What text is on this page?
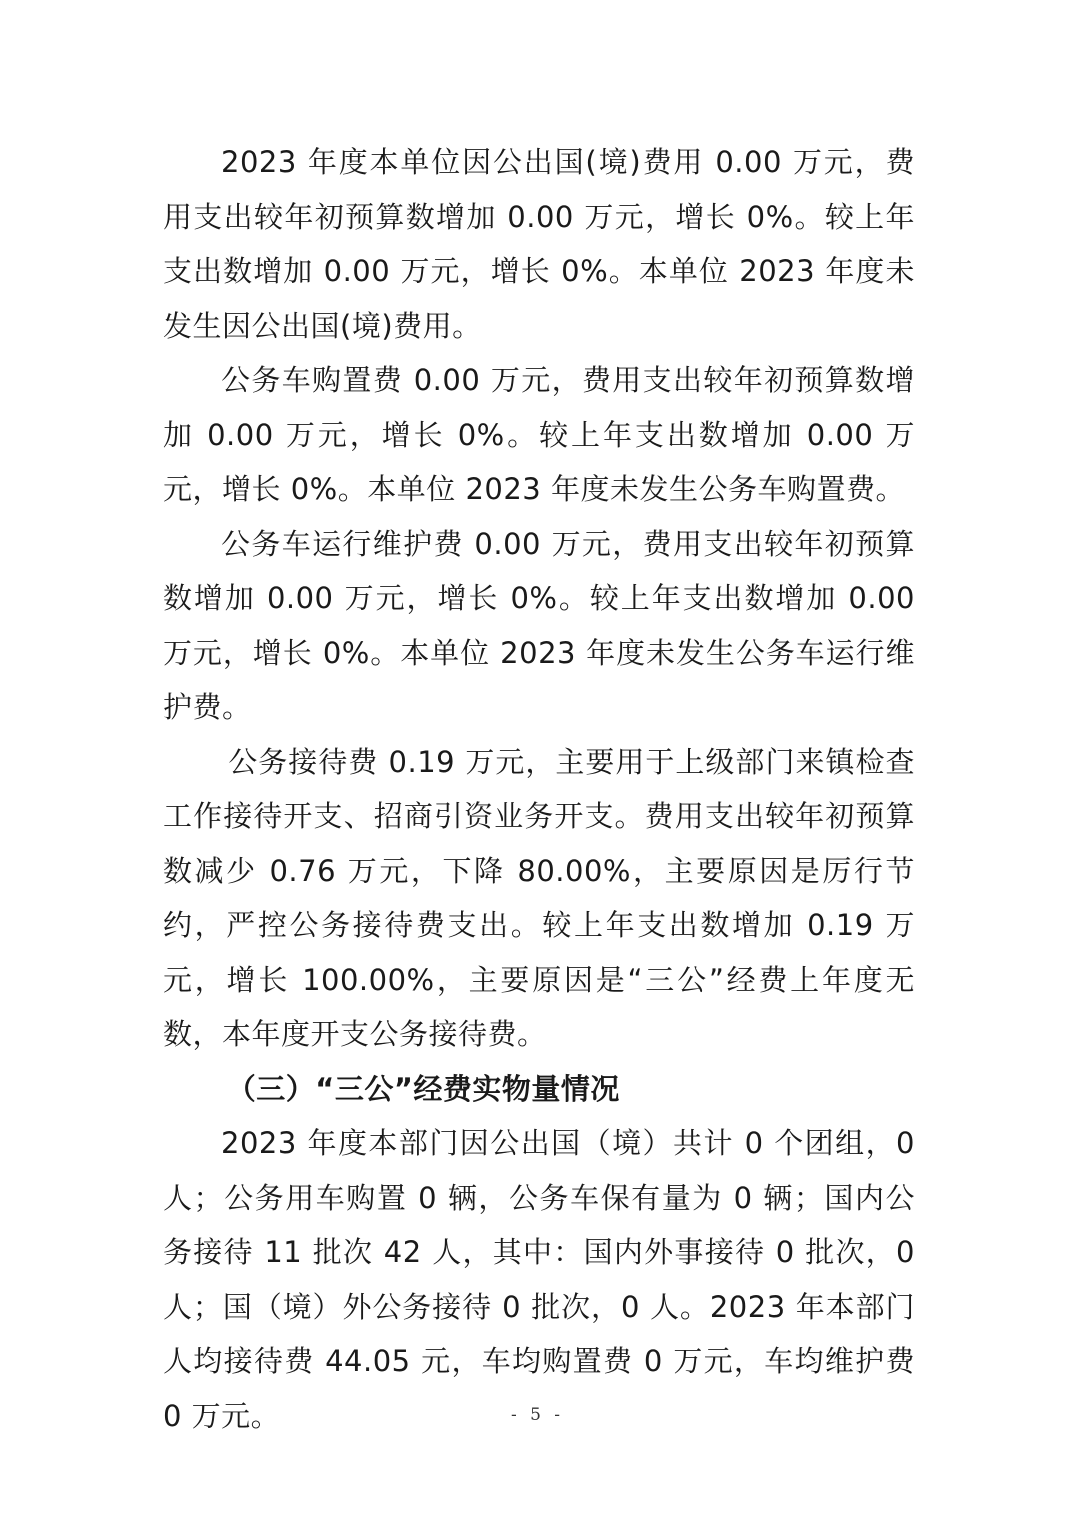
2023 年度本单位因公出国(境)费用 0.00 万元，费用支出较年初预算数增加 0.00 万元，增长 0%。较上年支出数增加 0.00 万元，增长 0%。本单位 2023 年度未发生因公出国(境)费用。

公务车购置费 0.00 万元，费用支出较年初预算数增加 0.00 万元，增长 0%。较上年支出数增加 0.00 万元，增长 0%。本单位 2023 年度未发生公务车购置费。

公务车运行维护费 0.00 万元，费用支出较年初预算数增加 0.00 万元，增长 0%。较上年支出数增加 0.00 万元，增长 0%。本单位 2023 年度未发生公务车运行维护费。

公务接待费 0.19 万元，主要用于上级部门来镇检查工作接待开支、招商引资业务开支。费用支出较年初预算数减少 0.76 万元，下降 80.00%，主要原因是厉行节约，严控公务接待费支出。较上年支出数增加 0.19 万元，增长 100.00%，主要原因是“三公”经费上年度无数，本年度开支公务接待费。

（三）“三公”经费实物量情况

2023 年度本部门因公出国（境）共计 0 个团组，0 人；公务用车购置 0 辆，公务车保有量为 0 辆；国内公务接待 11 批次 42 人，其中：国内外事接待 0 批次，0 人；国（境）外公务接待 0 批次，0 人。2023 年本部门人均接待费 44.05 元，车均购置费 0 万元，车均维护费 0 万元。	- 5 -
